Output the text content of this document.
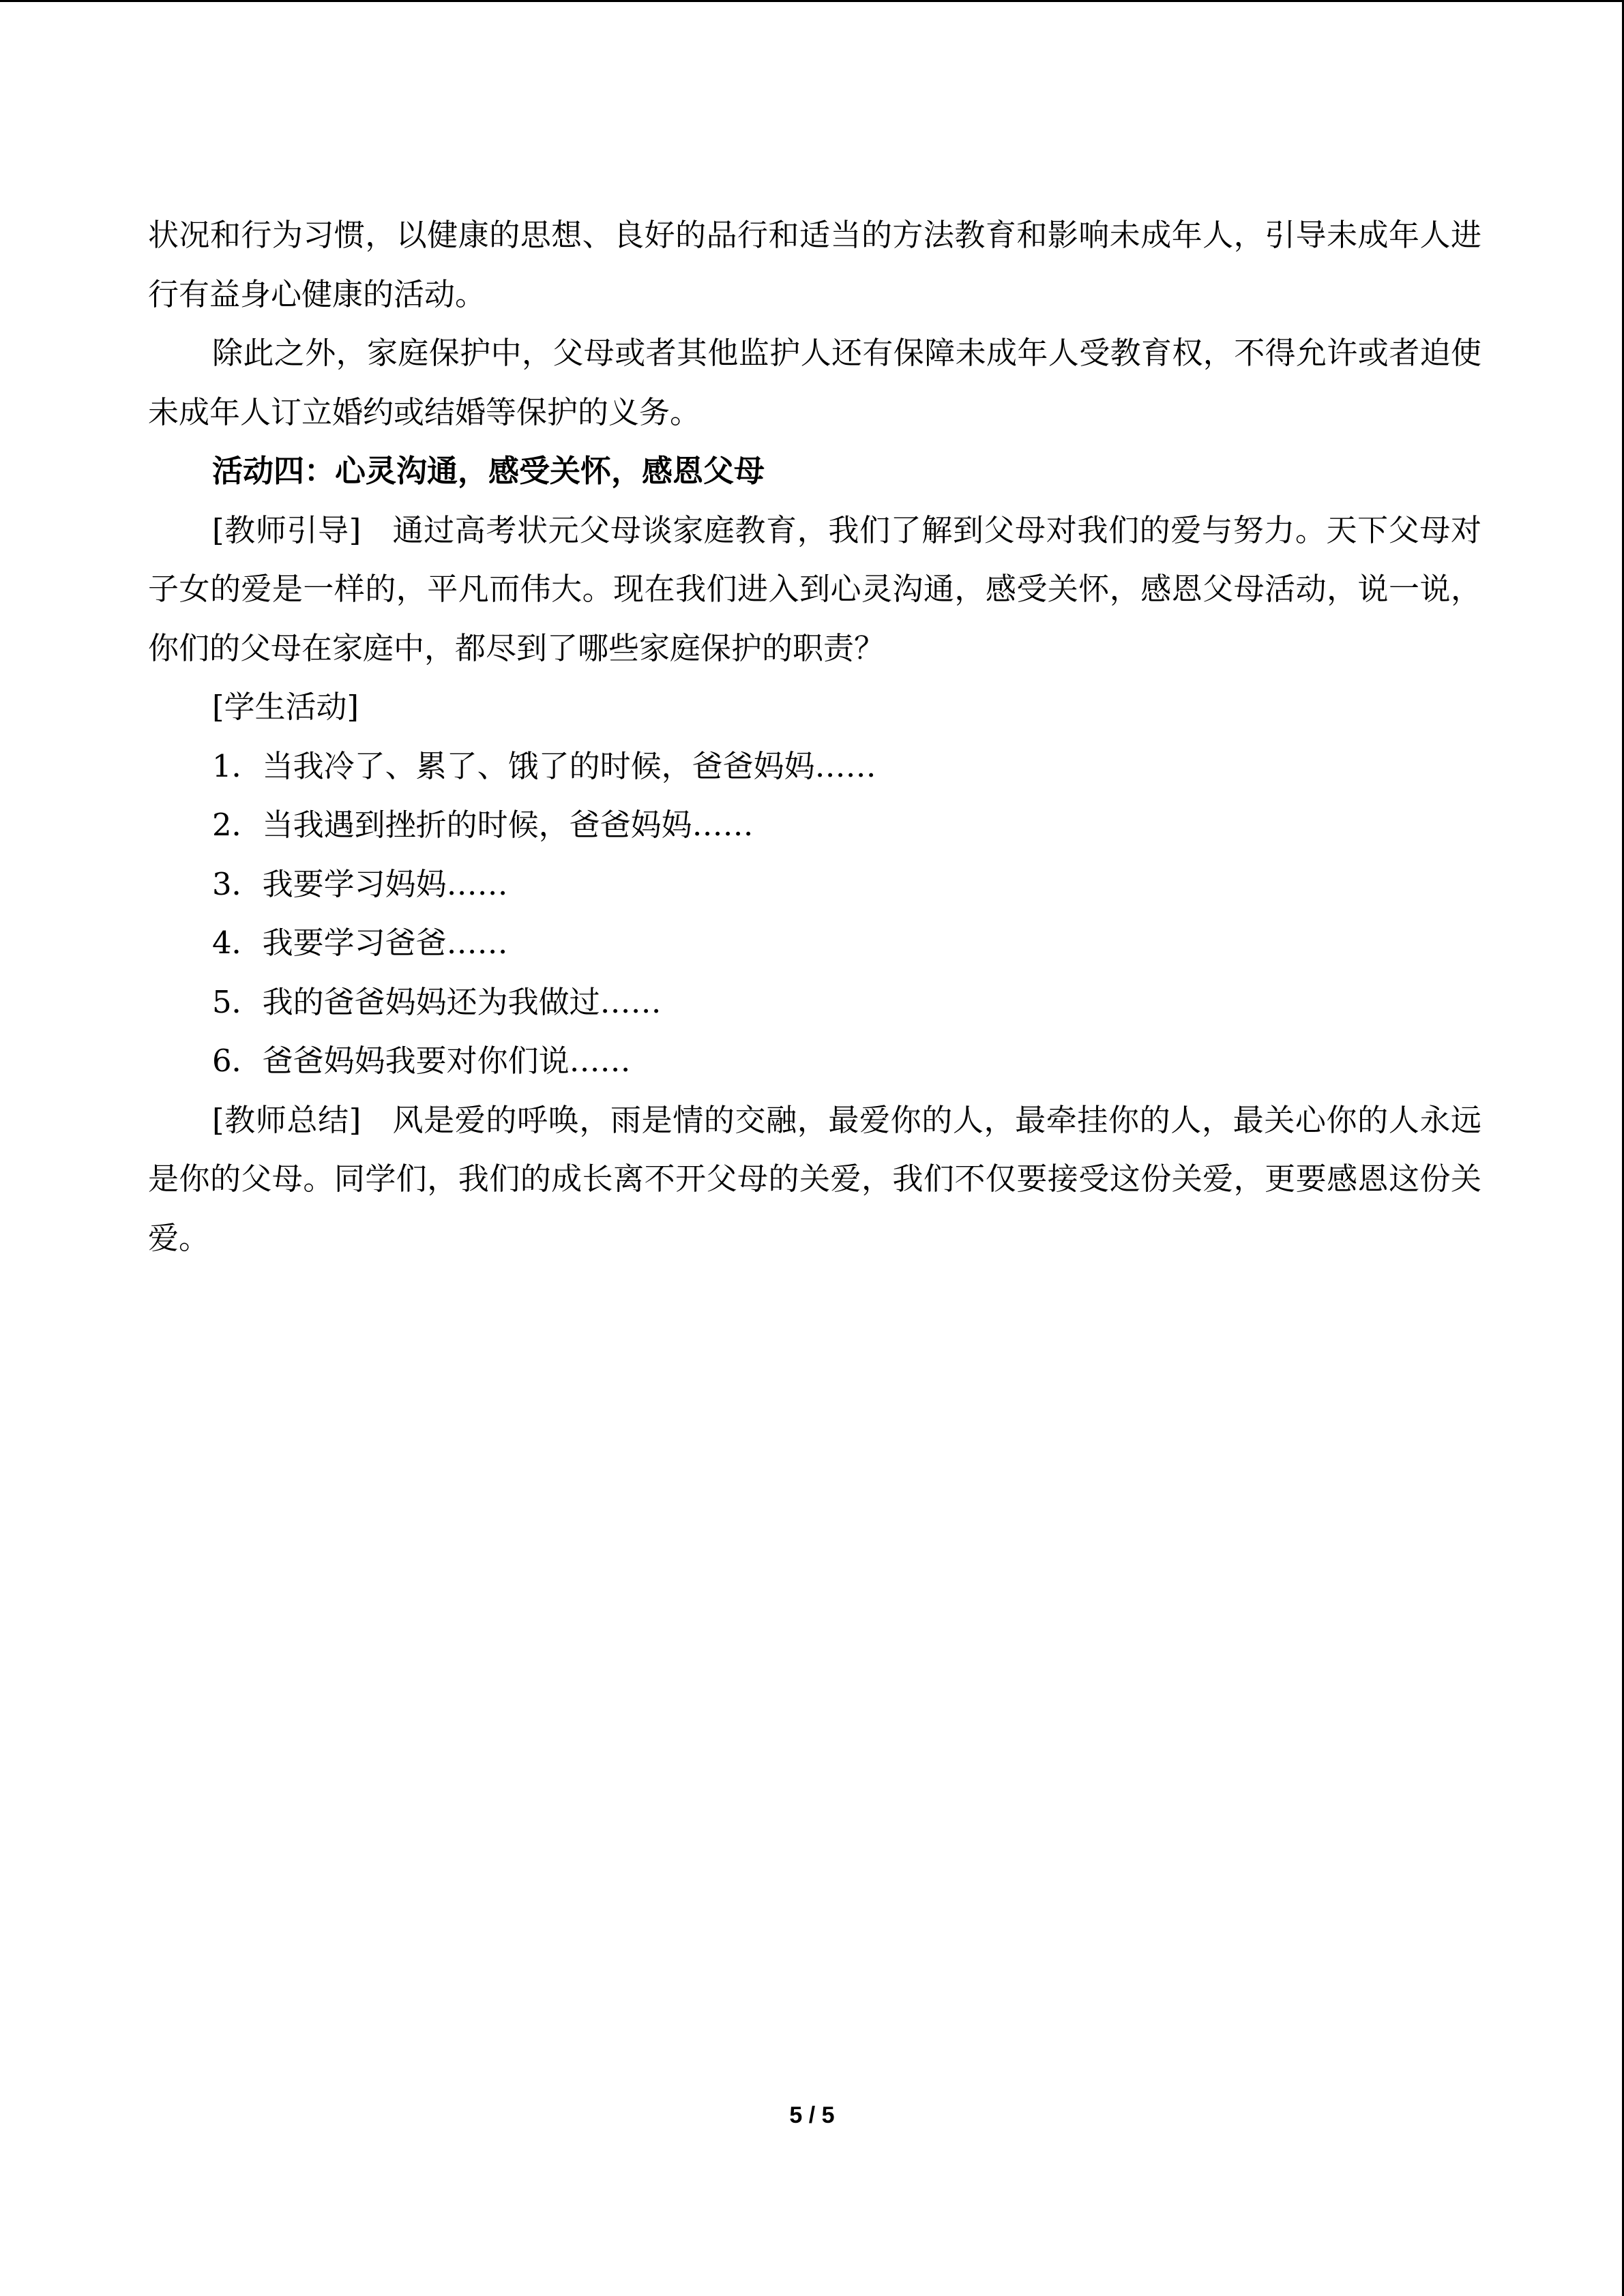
状况和行为习惯，以健康的思想、良好的品行和适当的方法教育和影响未成年人，引导未成年人进行有益身心健康的活动。

除此之外，家庭保护中，父母或者其他监护人还有保障未成年人受教育权，不得允许或者迫使未成年人订立婚约或结婚等保护的义务。

活动四：心灵沟通，感受关怀，感恩父母

[教师引导]　通过高考状元父母谈家庭教育，我们了解到父母对我们的爱与努力。天下父母对子女的爱是一样的，平凡而伟大。现在我们进入到心灵沟通，感受关怀，感恩父母活动，说一说，你们的父母在家庭中，都尽到了哪些家庭保护的职责？

[学生活动]

1．当我冷了、累了、饿了的时候，爸爸妈妈……

2．当我遇到挫折的时候，爸爸妈妈……

3．我要学习妈妈……

4．我要学习爸爸……

5．我的爸爸妈妈还为我做过……

6．爸爸妈妈我要对你们说……

[教师总结]　风是爱的呼唤，雨是情的交融，最爱你的人，最牵挂你的人，最关心你的人永远是你的父母。同学们，我们的成长离不开父母的关爱，我们不仅要接受这份关爱，更要感恩这份关爱。

5 / 5
